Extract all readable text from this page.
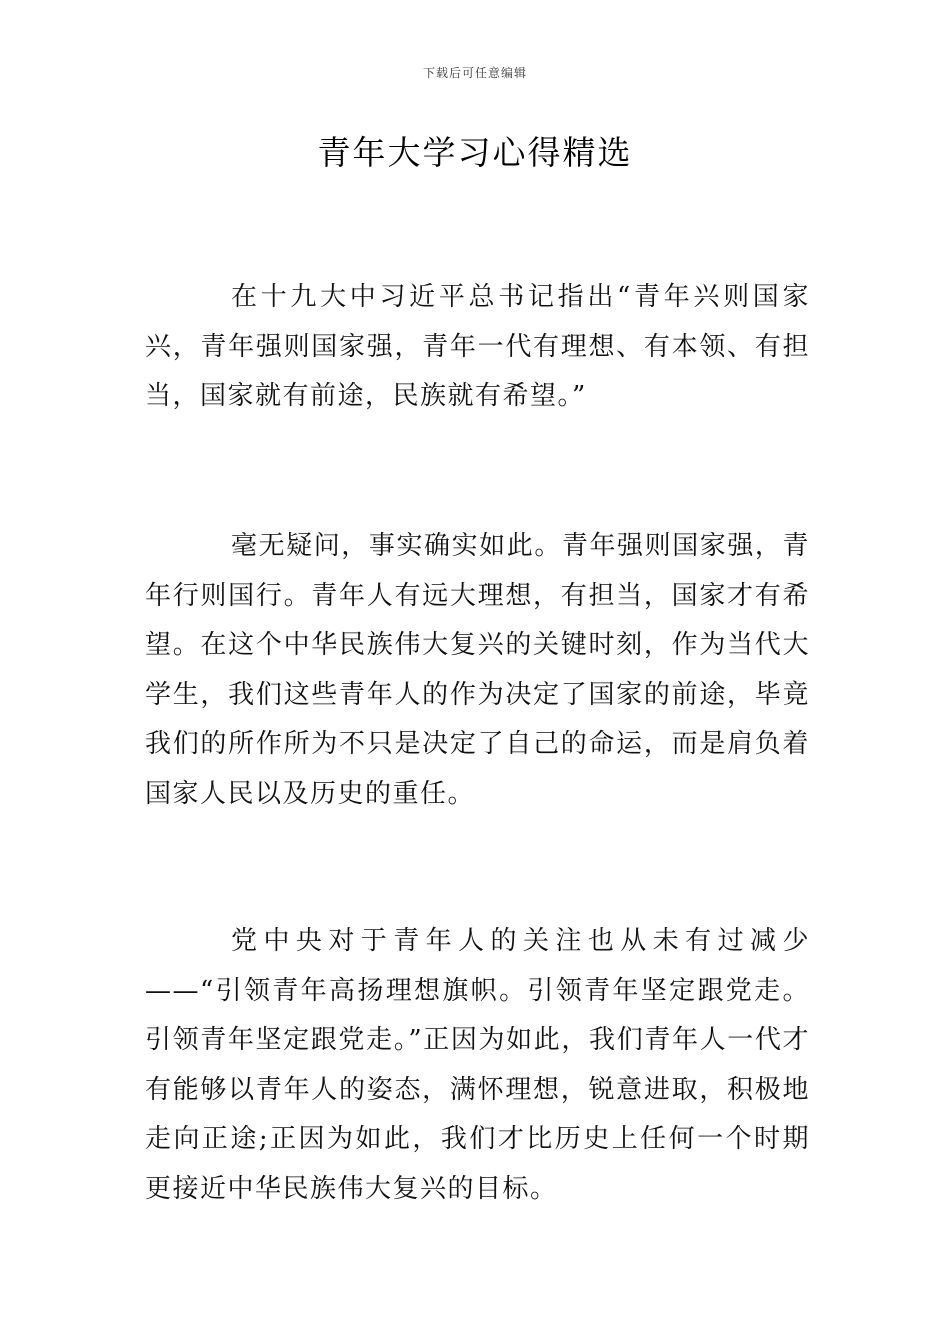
下载后可任意编辑
青年大学习心得精选

在十九大中习近平总书记指出“青年兴则国家兴，青年强则国家强，青年一代有理想、有本领、有担当，国家就有前途，民族就有希望。”

毫无疑问，事实确实如此。青年强则国家强，青年行则国行。青年人有远大理想，有担当，国家才有希望。在这个中华民族伟大复兴的关键时刻，作为当代大学生，我们这些青年人的作为决定了国家的前途，毕竟我们的所作所为不只是决定了自己的命运，而是肩负着国家人民以及历史的重任。

党中央对于青年人的关注也从未有过减少——“引领青年高扬理想旗帜。引领青年坚定跟党走。引领青年坚定跟党走。”正因为如此，我们青年人一代才有能够以青年人的姿态，满怀理想，锐意进取，积极地走向正途;正因为如此，我们才比历史上任何一个时期更接近中华民族伟大复兴的目标。
